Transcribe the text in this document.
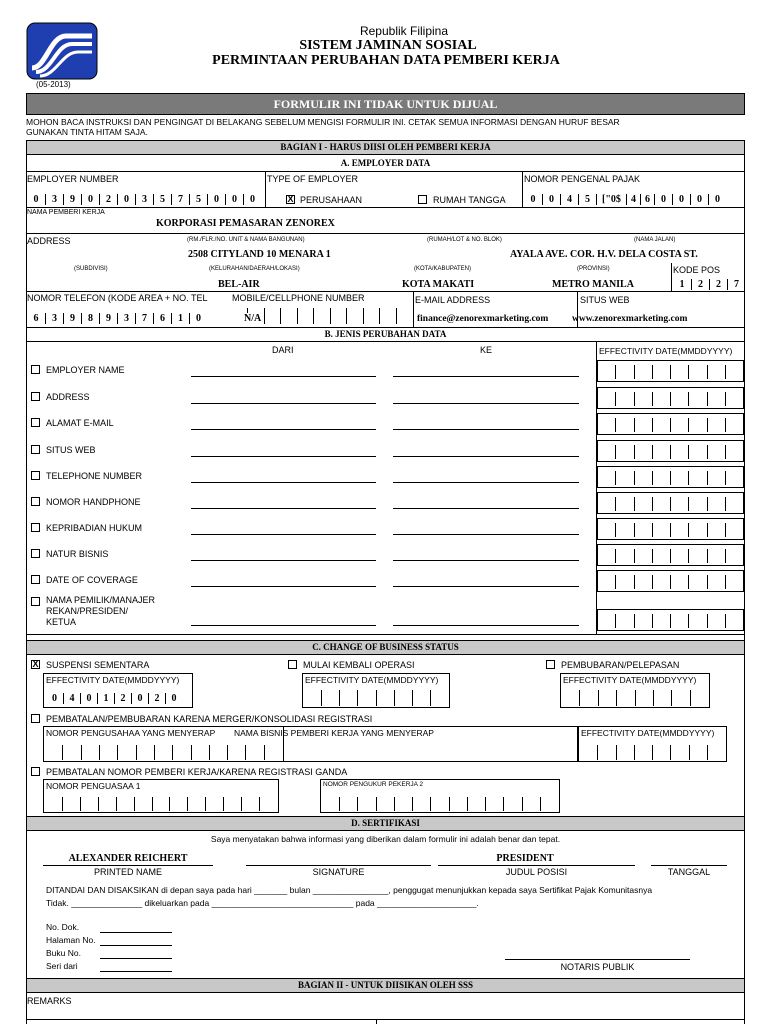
(05-2013)
Republik Filipina
SISTEM JAMINAN SOSIAL
PERMINTAAN PERUBAHAN DATA PEMBERI KERJA
FORMULIR INI TIDAK UNTUK DIJUAL
MOHON BACA INSTRUKSI DAN PENGINGAT DI BELAKANG SEBELUM MENGISI FORMULIR INI. CETAK SEMUA INFORMASI DENGAN HURUF BESAR
GUNAKAN TINTA HITAM SAJA.
BAGIAN I - HARUS DIISI OLEH PEMBERI KERJA
A. EMPLOYER DATA
EMPLOYER NUMBER
0	3	9	0	2	0	3	5	7	5	0	0	0
TYPE OF EMPLOYER
X PERUSAHAAN	RUMAH TANGGA
NOMOR PENGENAL PAJAK
0	0	4	5	["0$	4 6	0	0	0	0
NAMA PEMBERI KERJA
KORPORASI PEMASARAN ZENOREX
ADDRESS	(RM./FLR./NO. UNIT & NAMA BANGUNAN)	(RUMAH/LOT & NO. BLOK)	(NAMA JALAN)
2508 CITYLAND 10 MENARA 1	AYALA AVE. COR. H.V. DELA COSTA ST.
(SUBDIVISI)	(KELURAHAN/DAERAH/LOKASI)	(KOTA/KABUPATEN)	(PROVINSI)	KODE POS
BEL-AIR	KOTA MAKATI	METRO MANILA	1	2	2	7
NOMOR TELEFON (KODE AREA + NO. TEL	MOBILE/CELLPHONE NUMBER	E-MAIL ADDRESS	SITUS WEB
6	3	9	8	9	3	7	6	1	0	N/A	finance@zenorexmarketing.com www.zenorexmarketing.com
B. JENIS PERUBAHAN DATA
DARI	KE	EFFECTIVITY DATE(MMDDYYYY)
EMPLOYER NAME
ADDRESS
ALAMAT E-MAIL
SITUS WEB
TELEPHONE NUMBER
NOMOR HANDPHONE
KEPRIBADIAN HUKUM
NATUR BISNIS
DATE OF COVERAGE
NAMA PEMILIK/MANAJER
REKAN/PRESIDEN/
KETUA
C. CHANGE OF BUSINESS STATUS
X SUSPENSI SEMENTARA	MULAI KEMBALI OPERASI	PEMBUBARAN/PELEPASAN
EFFECTIVITY DATE(MMDDYYYY)
0	4	0	1	2	0	2	0
EFFECTIVITY DATE(MMDDYYYY)	EFFECTIVITY DATE(MMDDYYYY)
PEMBATALAN/PEMBUBARAN KARENA MERGER/KONSOLIDASI REGISTRASI
NOMOR PENGUSAHAA YANG MENYERAP	NAMA BISNIS PEMBERI KERJA YANG MENYERAP	EFFECTIVITY DATE(MMDDYYYY)
PEMBATALAN NOMOR PEMBERI KERJA/KARENA REGISTRASI GANDA
NOMOR PENGUASAA 1	NOMOR PENGUKUR PEKERJA 2
D. SERTIFIKASI
Saya menyatakan bahwa informasi yang diberikan dalam formulir ini adalah benar dan tepat.
ALEXANDER REICHERT	PRESIDENT
PRINTED NAME	SIGNATURE	JUDUL POSISI	TANGGAL
DITANDAI DAN DISAKSIKAN di depan saya pada hari _______ bulan ________________, penggugat menunjukkan kepada saya Sertifikat Pajak Komunitasnya
Tidak. _______________ dikeluarkan pada ______________________________ pada _____________________.
No. Dok.
Halaman No.
Buku No.
Seri dari	NOTARIS PUBLIK
BAGIAN II - UNTUK DIISIKAN OLEH SSS
REMARKS
